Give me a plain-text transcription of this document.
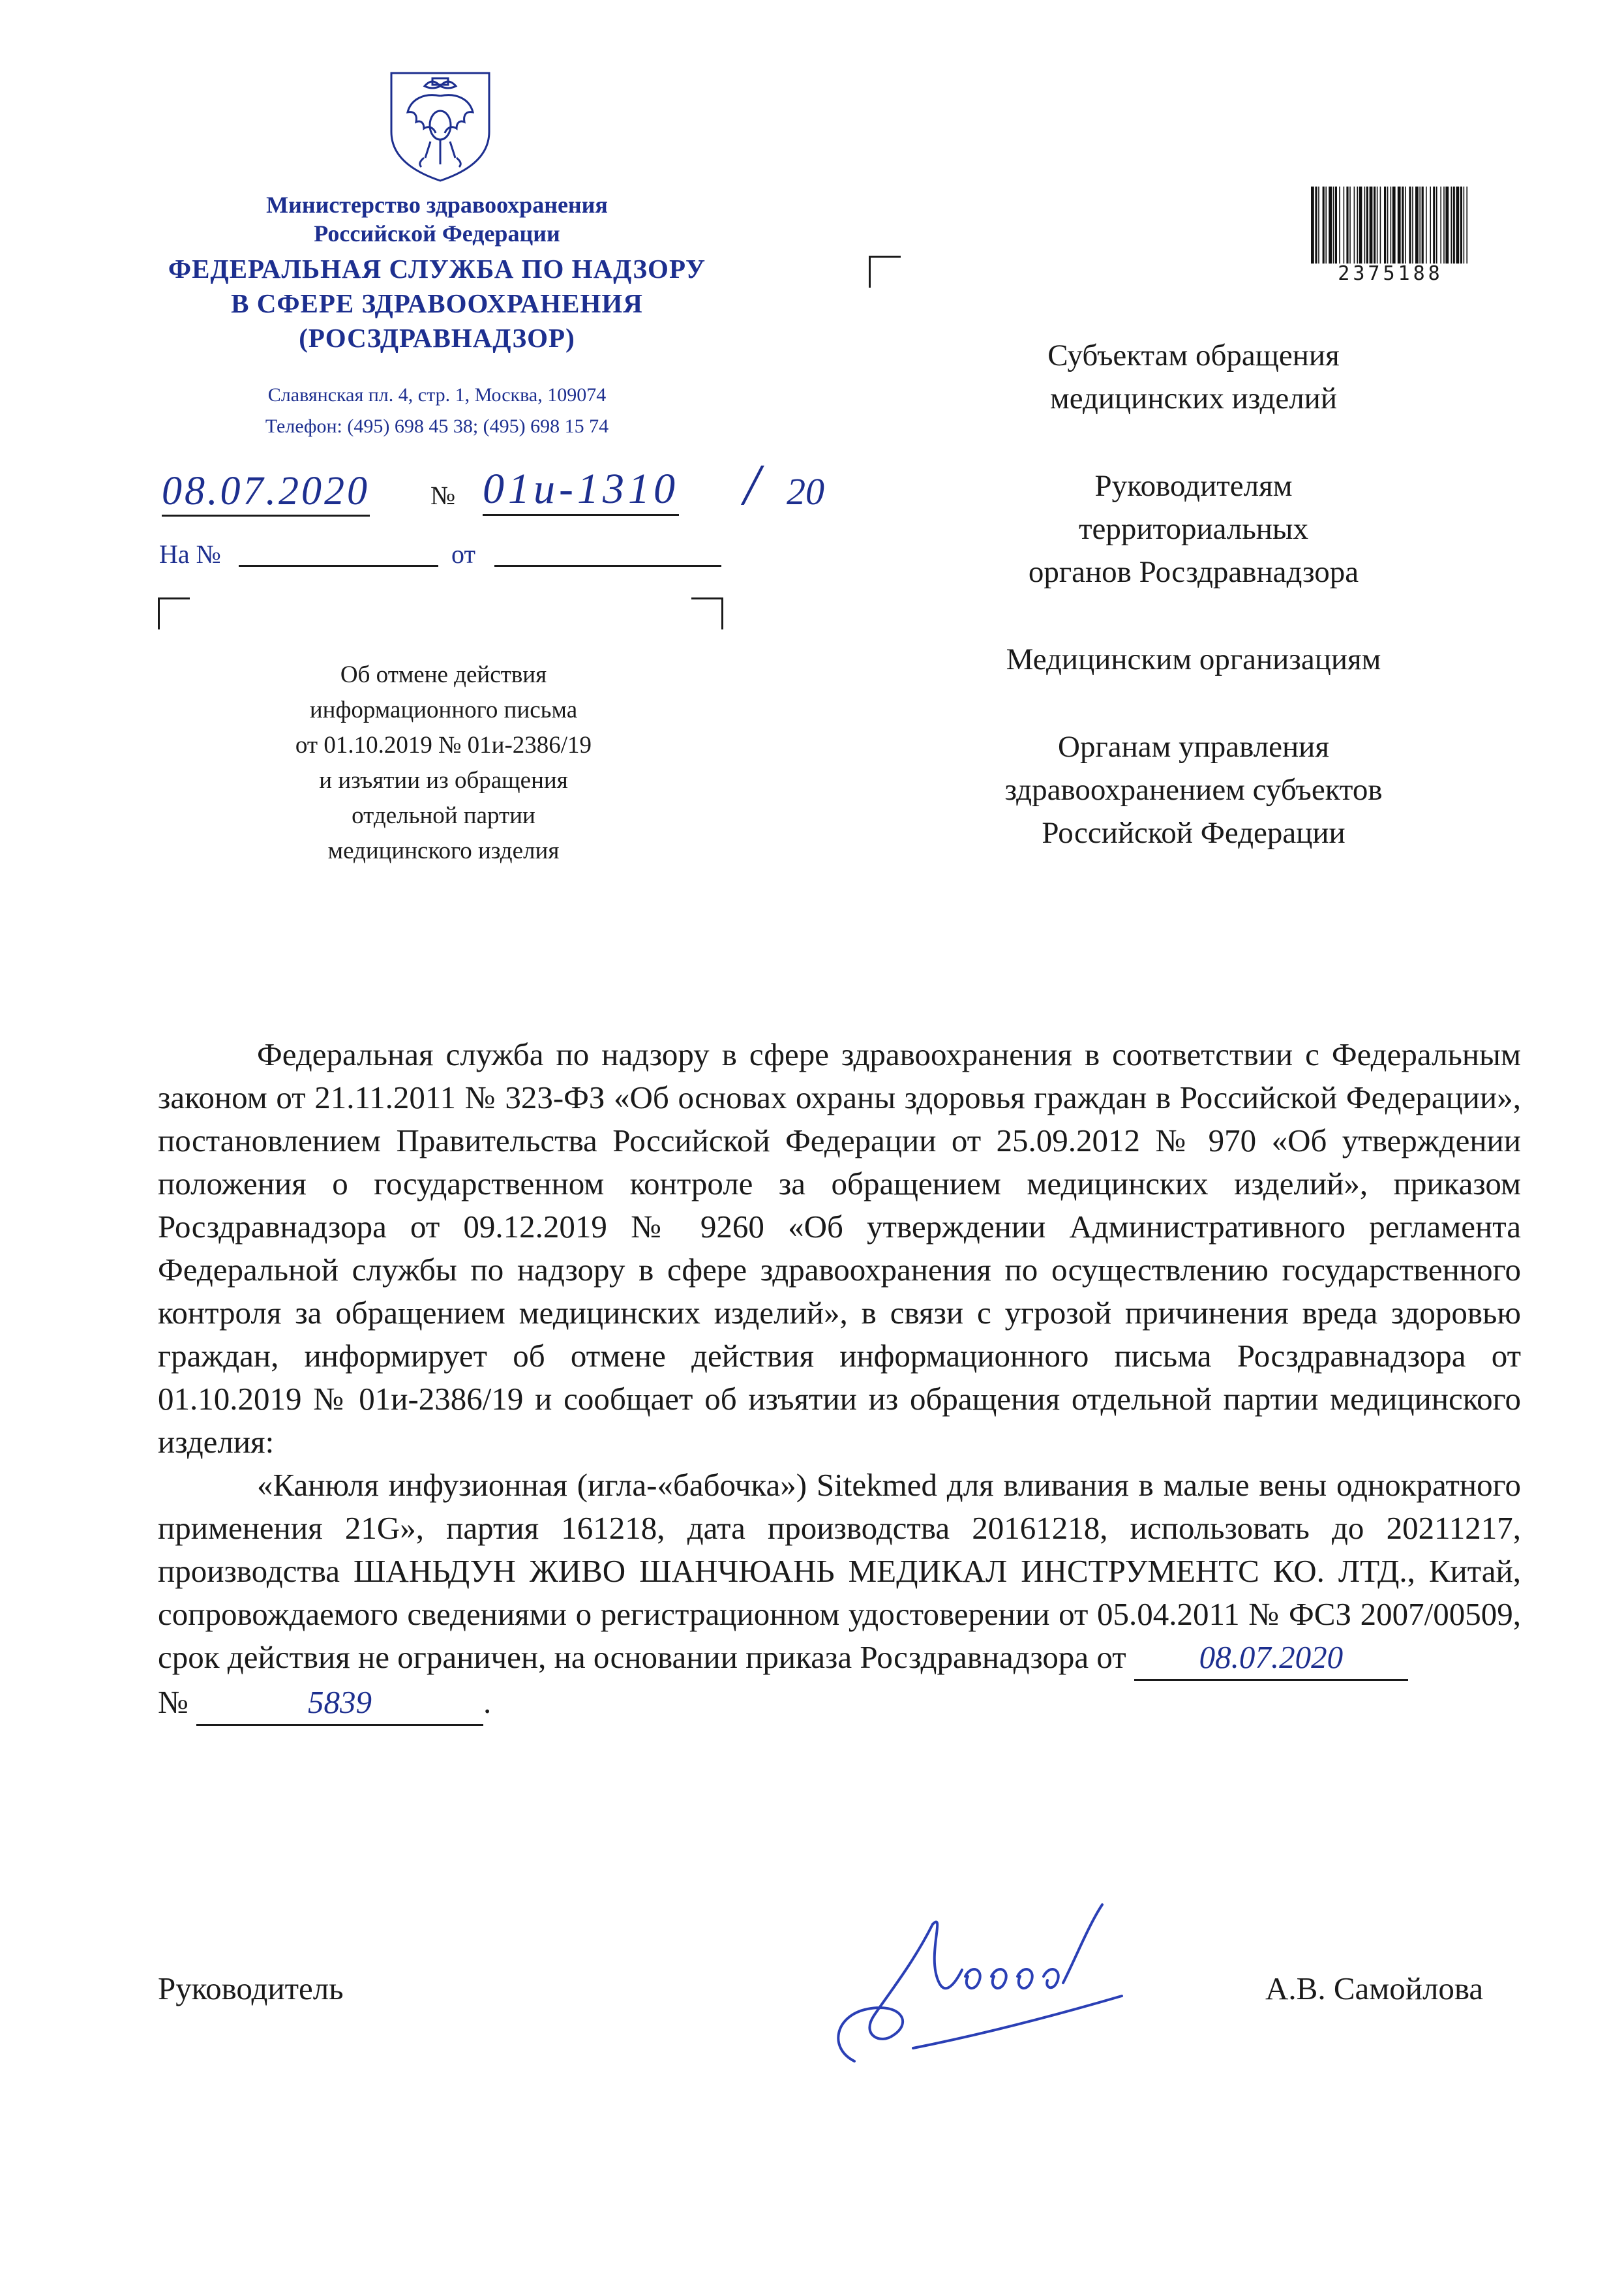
Министерство здравоохранения
Российской Федерации
ФЕДЕРАЛЬНАЯ СЛУЖБА ПО НАДЗОРУ
В СФЕРЕ ЗДРАВООХРАНЕНИЯ
(РОСЗДРАВНАДЗОР)
Славянская пл. 4, стр. 1, Москва, 109074
Телефон: (495) 698 45 38; (495) 698 15 74
08.07.2020 № 01и-1310 / 20
На №	от
Об отмене действия
информационного письма
от 01.10.2019 № 01и-2386/19
и изъятии из обращения
отдельной партии
медицинского изделия
2375188
Субъектам обращения
медицинских изделий
Руководителям
территориальных
органов Росздравнадзора
Медицинским организациям
Органам управления
здравоохранением субъектов
Российской Федерации

Федеральная служба по надзору в сфере здравоохранения в соответствии с Федеральным законом от 21.11.2011 № 323-ФЗ «Об основах охраны здоровья граждан в Российской Федерации», постановлением Правительства Российской Федерации от 25.09.2012 № 970 «Об утверждении положения о государственном контроле за обращением медицинских изделий», приказом Росздравнадзора от 09.12.2019 № 9260 «Об утверждении Административного регламента Федеральной службы по надзору в сфере здравоохранения по осуществлению государственного контроля за обращением медицинских изделий», в связи с угрозой причинения вреда здоровью граждан, информирует об отмене действия информационного письма Росздравнадзора от 01.10.2019 № 01и-2386/19 и сообщает об изъятии из обращения отдельной партии медицинского изделия:

«Канюля инфузионная (игла-«бабочка») Sitekmed для вливания в малые вены однократного применения 21G», партия 161218, дата производства 20161218, использовать до 20211217, производства ШАНЬДУН ЖИВО ШАНЧЮАНЬ МЕДИКАЛ ИНСТРУМЕНТС КО. ЛТД., Китай, сопровождаемого сведениями о регистрационном удостоверении от 05.04.2011 № ФСЗ 2007/00509, срок действия не ограничен, на основании приказа Росздравнадзора от 08.07.2020

№	5839	.

Руководитель	А.В. Самойлова
